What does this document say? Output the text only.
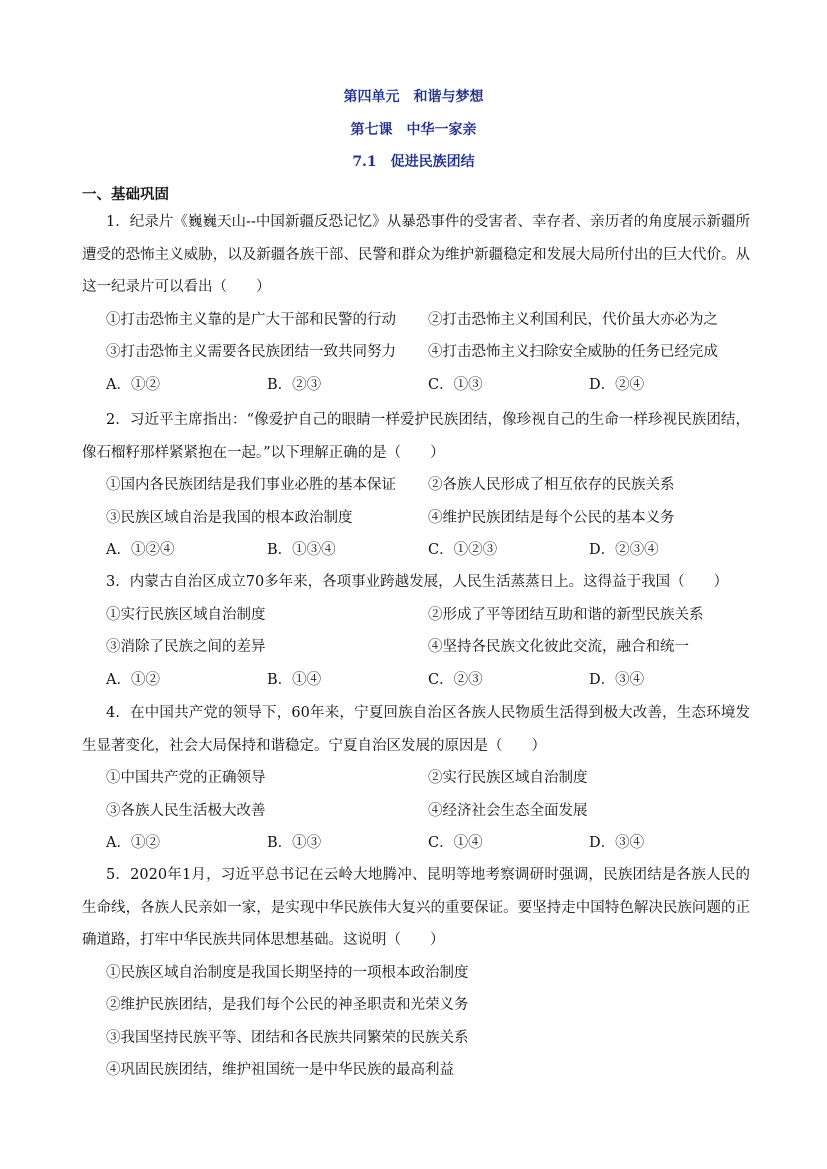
第四单元　和谐与梦想
第七课　中华一家亲
7.1　促进民族团结
一、基础巩固
1．纪录片《巍巍天山--中国新疆反恐记忆》从暴恐事件的受害者、幸存者、亲历者的角度展示新疆所遭受的恐怖主义威胁，以及新疆各族干部、民警和群众为维护新疆稳定和发展大局所付出的巨大代价。从这一纪录片可以看出（　　）
①打击恐怖主义靠的是广大干部和民警的行动	②打击恐怖主义利国利民，代价虽大亦必为之
③打击恐怖主义需要各民族团结一致共同努力	④打击恐怖主义扫除安全威胁的任务已经完成
A．①②	B．②③	C．①③	D．②④
2．习近平主席指出：“像爱护自己的眼睛一样爱护民族团结，像珍视自己的生命一样珍视民族团结，像石榴籽那样紧紧抱在一起。”以下理解正确的是（　　）
①国内各民族团结是我们事业必胜的基本保证	②各族人民形成了相互依存的民族关系
③民族区域自治是我国的根本政治制度	④维护民族团结是每个公民的基本义务
A．①②④	B．①③④	C．①②③	D．②③④
3．内蒙古自治区成立70多年来，各项事业跨越发展，人民生活蒸蒸日上。这得益于我国（　　）
①实行民族区域自治制度	②形成了平等团结互助和谐的新型民族关系
③消除了民族之间的差异	④坚持各民族文化彼此交流，融合和统一
A．①②	B．①④	C．②③	D．③④
4．在中国共产党的领导下，60年来，宁夏回族自治区各族人民物质生活得到极大改善，生态环境发生显著变化，社会大局保持和谐稳定。宁夏自治区发展的原因是（　　）
①中国共产党的正确领导	②实行民族区域自治制度
③各族人民生活极大改善	④经济社会生态全面发展
A．①②	B．①③	C．①④	D．③④
5．2020年1月，习近平总书记在云岭大地腾冲、昆明等地考察调研时强调，民族团结是各族人民的生命线，各族人民亲如一家，是实现中华民族伟大复兴的重要保证。要坚持走中国特色解决民族问题的正确道路，打牢中华民族共同体思想基础。这说明（　　）
①民族区域自治制度是我国长期坚持的一项根本政治制度
②维护民族团结，是我们每个公民的神圣职责和光荣义务
③我国坚持民族平等、团结和各民族共同繁荣的民族关系
④巩固民族团结，维护祖国统一是中华民族的最高利益
